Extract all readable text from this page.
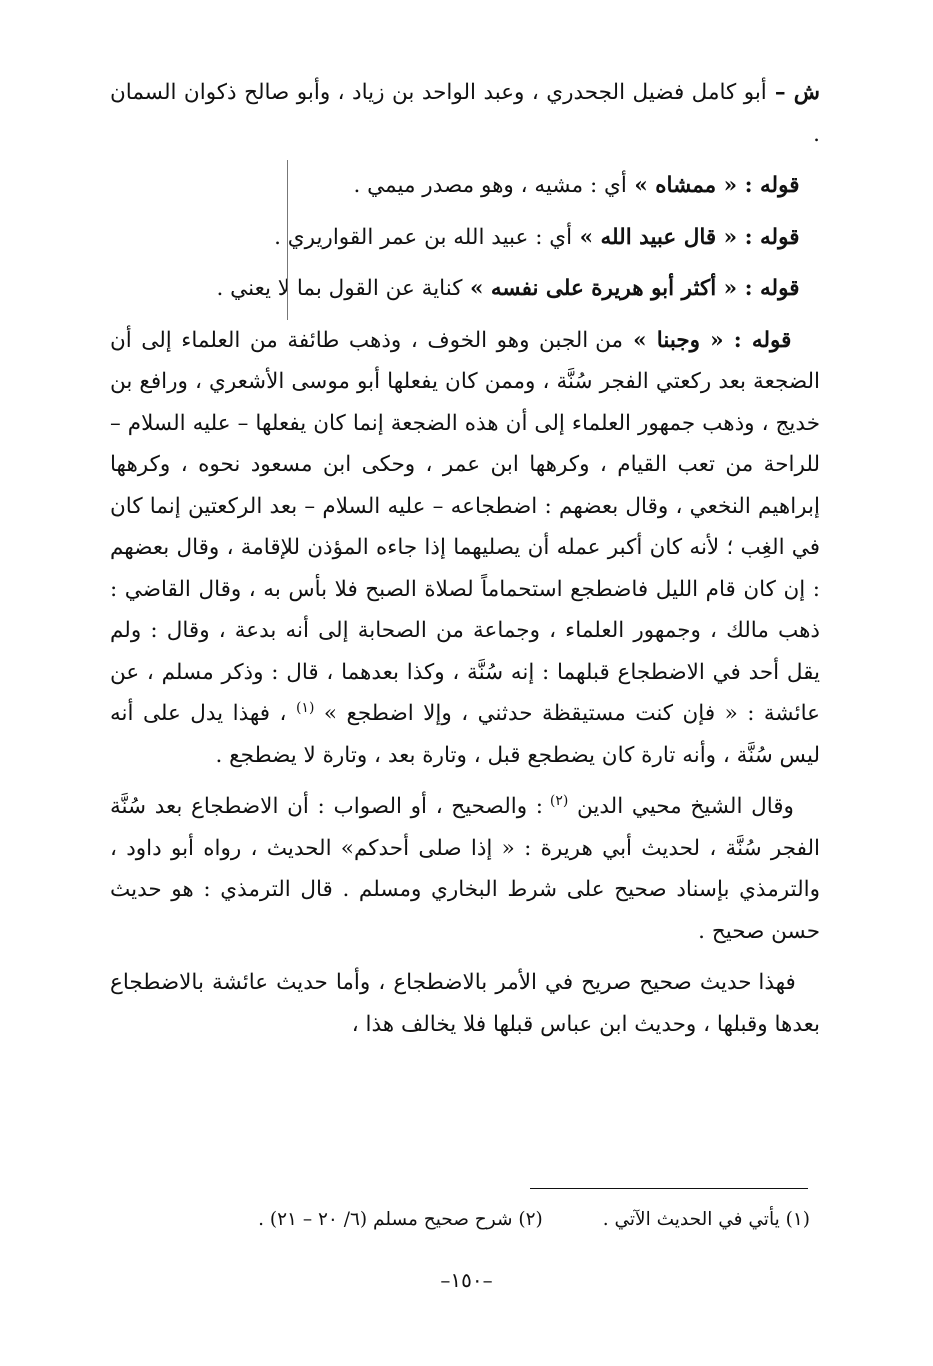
ش – أبو كامل فضيل الجحدري ، وعبد الواحد بن زياد ، وأبو صالح ذكوان السمان .

قوله : « ممشاه » أي : مشيه ، وهو مصدر ميمي .

قوله : « قال عبيد الله » أي : عبيد الله بن عمر القواريري .

قوله : « أكثر أبو هريرة على نفسه » كناية عن القول بما لا يعني .

قوله : « وجبنا » من الجبن وهو الخوف ، وذهب طائفة من العلماء إلى أن الضجعة بعد ركعتي الفجر سُنَّة ، وممن كان يفعلها أبو موسى الأشعري ، ورافع بن خديج ، وذهب جمهور العلماء إلى أن هذه الضجعة إنما كان يفعلها – عليه السلام – للراحة من تعب القيام ، وكرهها ابن عمر ، وحكى ابن مسعود نحوه ، وكرهها إبراهيم النخعي ، وقال بعضهم : اضطجاعه – عليه السلام – بعد الركعتين إنما كان في الغِب ؛ لأنه كان أكبر عمله أن يصليهما إذا جاءه المؤذن للإقامة ، وقال بعضهم : إن كان قام الليل فاضطجع استحماماً لصلاة الصبح فلا بأس به ، وقال القاضي : ذهب مالك ، وجمهور العلماء ، وجماعة من الصحابة إلى أنه بدعة ، وقال : ولم يقل أحد في الاضطجاع قبلهما : إنه سُنَّة ، وكذا بعدهما ، قال : وذكر مسلم ، عن عائشة : « فإن كنت مستيقظة حدثني ، وإلا اضطجع » $^{(١)}$ ، فهذا يدل على أنه ليس سُنَّة ، وأنه تارة كان يضطجع قبل ، وتارة بعد ، وتارة لا يضطجع .

وقال الشيخ محيي الدين $^{(٢)}$ : والصحيح ، أو الصواب : أن الاضطجاع بعد سُنَّة الفجر سُنَّة ، لحديث أبي هريرة : « إذا صلى أحدكم» الحديث ، رواه أبو داود ، والترمذي بإسناد صحيح على شرط البخاري ومسلم . قال الترمذي : هو حديث حسن صحيح .

فهذا حديث صحيح صريح في الأمر بالاضطجاع ، وأما حديث عائشة بالاضطجاع بعدها وقبلها ، وحديث ابن عباس قبلها فلا يخالف هذا ،

(١) يأتي في الحديث الآتي .
(٢) شرح صحيح مسلم (٦/ ٢٠ – ٢١) .
–١٥٠–
